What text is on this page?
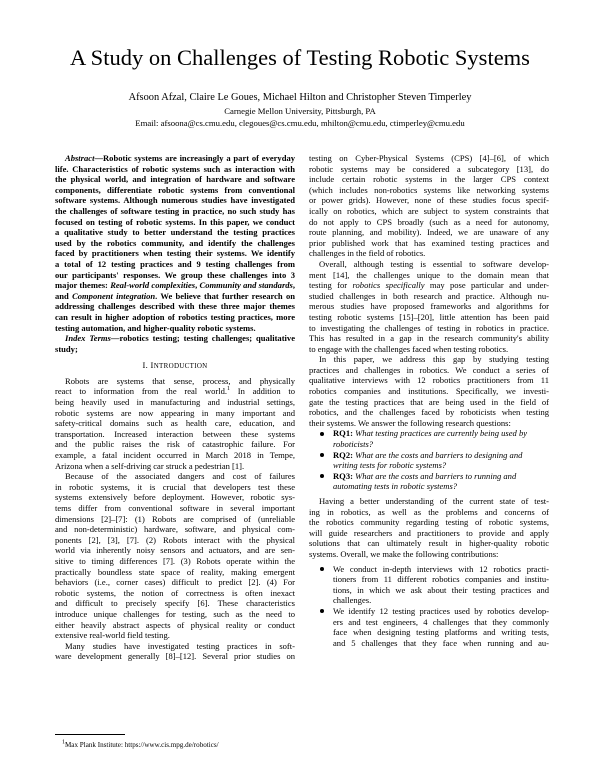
A Study on Challenges of Testing Robotic Systems
Afsoon Afzal, Claire Le Goues, Michael Hilton and Christopher Steven Timperley
Carnegie Mellon University, Pittsburgh, PA
Email: afsoona@cs.cmu.edu, clegoues@cs.cmu.edu, mhilton@cmu.edu, ctimperley@cmu.edu
Abstract—Robotic systems are increasingly a part of everyday
life. Characteristics of robotic systems such as interaction with
the physical world, and integration of hardware and software
components, differentiate robotic systems from conventional
software systems. Although numerous studies have investigated
the challenges of software testing in practice, no such study has
focused on testing of robotic systems. In this paper, we conduct
a qualitative study to better understand the testing practices
used by the robotics community, and identify the challenges
faced by practitioners when testing their systems. We identify
a total of 12 testing practices and 9 testing challenges from
our participants' responses. We group these challenges into 3
major themes: Real-world complexities, Community and standards,
and Component integration. We believe that further research on
addressing challenges described with these three major themes
can result in higher adoption of robotics testing practices, more
testing automation, and higher-quality robotic systems.
Index Terms—robotics testing; testing challenges; qualitative
study;
I. INTRODUCTION
Robots are systems that sense, process, and physically
react to information from the real world.$^1$ In addition to
being heavily used in manufacturing and industrial settings,
robotic systems are now appearing in many important and
safety-critical domains such as health care, education, and
transportation. Increased interaction between these systems
and the public raises the risk of catastrophic failure. For
example, a fatal incident occurred in March 2018 in Tempe,
Arizona when a self-driving car struck a pedestrian [1].
Because of the associated dangers and cost of failures
in robotic systems, it is crucial that developers test these
systems extensively before deployment. However, robotic sys-
tems differ from conventional software in several important
dimensions [2]–[7]: (1) Robots are comprised of (unreliable
and non-deterministic) hardware, software, and physical com-
ponents [2], [3], [7]. (2) Robots interact with the physical
world via inherently noisy sensors and actuators, and are sen-
sitive to timing differences [7]. (3) Robots operate within the
practically boundless state space of reality, making emergent
behaviors (i.e., corner cases) difficult to predict [2]. (4) For
robotic systems, the notion of correctness is often inexact
and difficult to precisely specify [6]. These characteristics
introduce unique challenges for testing, such as the need to
either heavily abstract aspects of physical reality or conduct
extensive real-world field testing.
Many studies have investigated testing practices in soft-
ware development generally [8]–[12]. Several prior studies on
$^1$Max Plank Institute: https://www.cis.mpg.de/robotics/
testing on Cyber-Physical Systems (CPS) [4]–[6], of which
robotic systems may be considered a subcategory [13], do
include certain robotic systems in the larger CPS context
(which includes non-robotics systems like networking systems
or power grids). However, none of these studies focus specif-
ically on robotics, which are subject to system constraints that
do not apply to CPS broadly (such as a need for autonomy,
route planning, and mobility). Indeed, we are unaware of any
prior published work that has examined testing practices and
challenges in the field of robotics.
Overall, although testing is essential to software develop-
ment [14], the challenges unique to the domain mean that
testing for robotics specifically may pose particular and under-
studied challenges in both research and practice. Although nu-
merous studies have proposed frameworks and algorithms for
testing robotic systems [15]–[20], little attention has been paid
to investigating the challenges of testing in robotics in practice.
This has resulted in a gap in the research community's ability
to engage with the challenges faced when testing robotics.
In this paper, we address this gap by studying testing
practices and challenges in robotics. We conduct a series of
qualitative interviews with 12 robotics practitioners from 11
robotics companies and institutions. Specifically, we investi-
gate the testing practices that are being used in the field of
robotics, and the challenges faced by roboticists when testing
their systems. We answer the following research questions:
RQ1: What testing practices are currently being used by
roboticists?
RQ2: What are the costs and barriers to designing and
writing tests for robotic systems?
RQ3: What are the costs and barriers to running and
automating tests in robotic systems?
Having a better understanding of the current state of test-
ing in robotics, as well as the problems and concerns of
the robotics community regarding testing of robotic systems,
will guide researchers and practitioners to provide and apply
solutions that can ultimately result in higher-quality robotic
systems. Overall, we make the following contributions:
We conduct in-depth interviews with 12 robotics practi-
tioners from 11 different robotics companies and institu-
tions, in which we ask about their testing practices and
challenges.
We identify 12 testing practices used by robotics develop-
ers and test engineers, 4 challenges that they commonly
face when designing testing platforms and writing tests,
and 5 challenges that they face when running and au-
